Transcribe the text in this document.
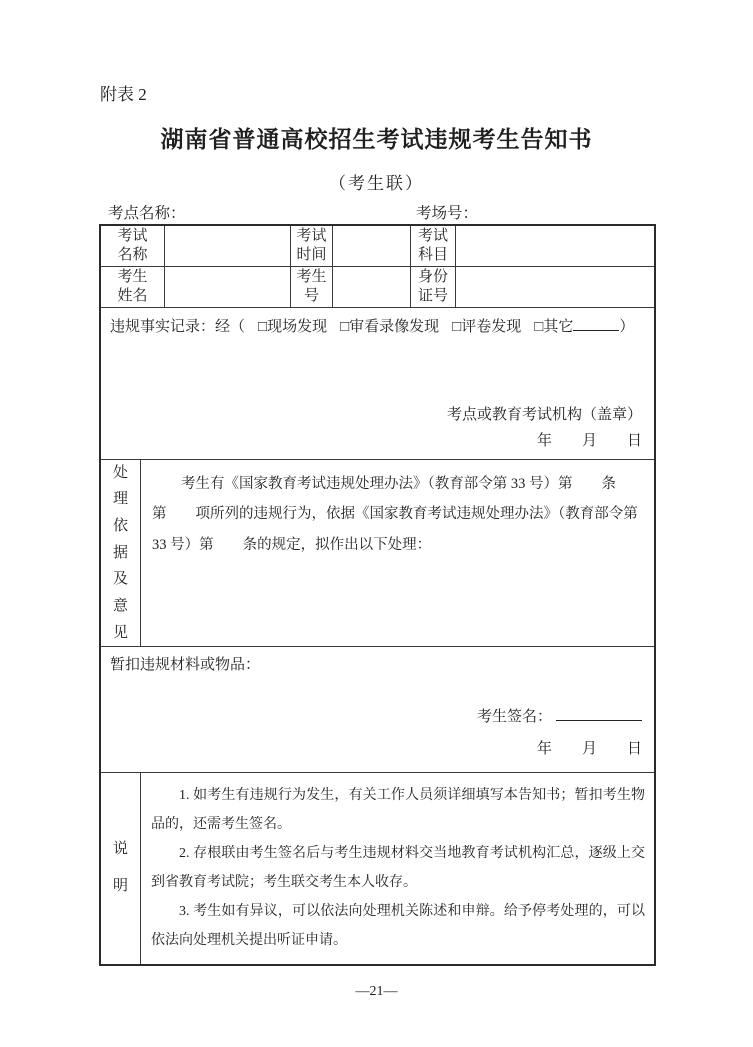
附表 2
湖南省普通高校招生考试违规考生告知书
（考生联）
考点名称：	考场号：
考试名称
考试时间
考试科目
考生姓名
考生号
身份证号
违规事实记录：经（ □现场发现 □审看录像发现 □评卷发现 □其它	）
考点或教育考试机构（盖章）
年　　月　　日
处理依据及意见
考生有《国家教育考试违规处理办法》（教育部令第 33 号）第　　条
第　　项所列的违规行为，依据《国家教育考试违规处理办法》（教育部令第
33 号）第　　条的规定，拟作出以下处理：
暂扣违规材料或物品：
考生签名：
年　　月　　日
说明
1. 如考生有违规行为发生，有关工作人员须详细填写本告知书；暂扣考生物品的，还需考生签名。
2. 存根联由考生签名后与考生违规材料交当地教育考试机构汇总，逐级上交到省教育考试院；考生联交考生本人收存。
3. 考生如有异议，可以依法向处理机关陈述和申辩。给予停考处理的，可以依法向处理机关提出听证申请。
—21—
